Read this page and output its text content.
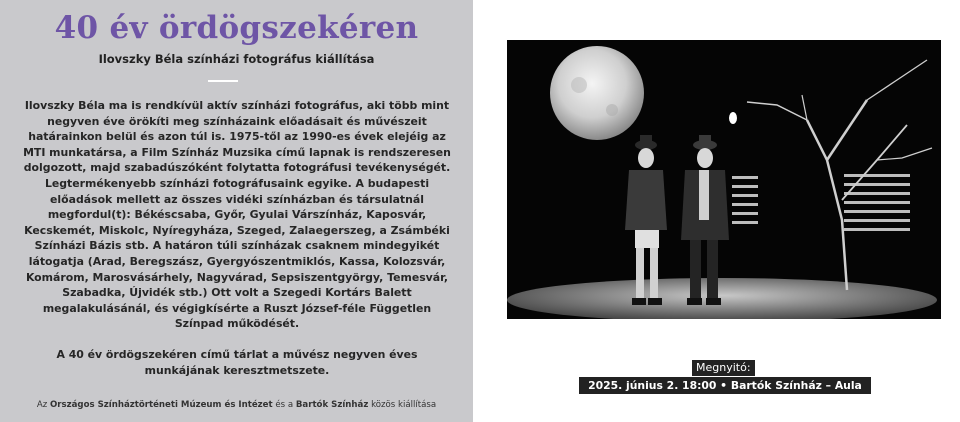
40 év ördögszekéren
Ilovszky Béla színházi fotográfus kiállítása

Ilovszky Béla ma is rendkívül aktív színházi fotográfus, aki több mint negyven éve örökíti meg színházaink előadásait és művészeit határainkon belül és azon túl is. 1975-től az 1990-es évek elejéig az MTI munkatársa, a Film Színház Muzsika című lapnak is rendszeresen dolgozott, majd szabadúszóként folytatta fotográfusi tevékenységét. Legtermékenyebb színházi fotográfusaink egyike. A budapesti előadások mellett az összes vidéki színházban és társulatnál megfordul(t): Békéscsaba, Győr, Gyulai Várszínház, Kaposvár, Kecskemét, Miskolc, Nyíregyháza, Szeged, Zalaegerszeg, a Zsámbéki Színházi Bázis stb. A határon túli színházak csaknem mindegyikét látogatja (Arad, Beregszász, Gyergyószentmiklós, Kassa, Kolozsvár, Komárom, Marosvásárhely, Nagyvárad, Sepsiszentgyörgy, Temesvár, Szabadka, Újvidék stb.) Ott volt a Szegedi Kortárs Balett megalakulásánál, és végigkísérte a Ruszt József-féle Független Színpad működését.

A 40 év ördögszekéren című tárlat a művész negyven éves munkájának keresztmetszete.

Az Országos Színháztörténeti Múzeum és Intézet és a Bartók Színház közös kiállítása
Megnyitó:
2025. június 2. 18:00 • Bartók Színház – Aula
